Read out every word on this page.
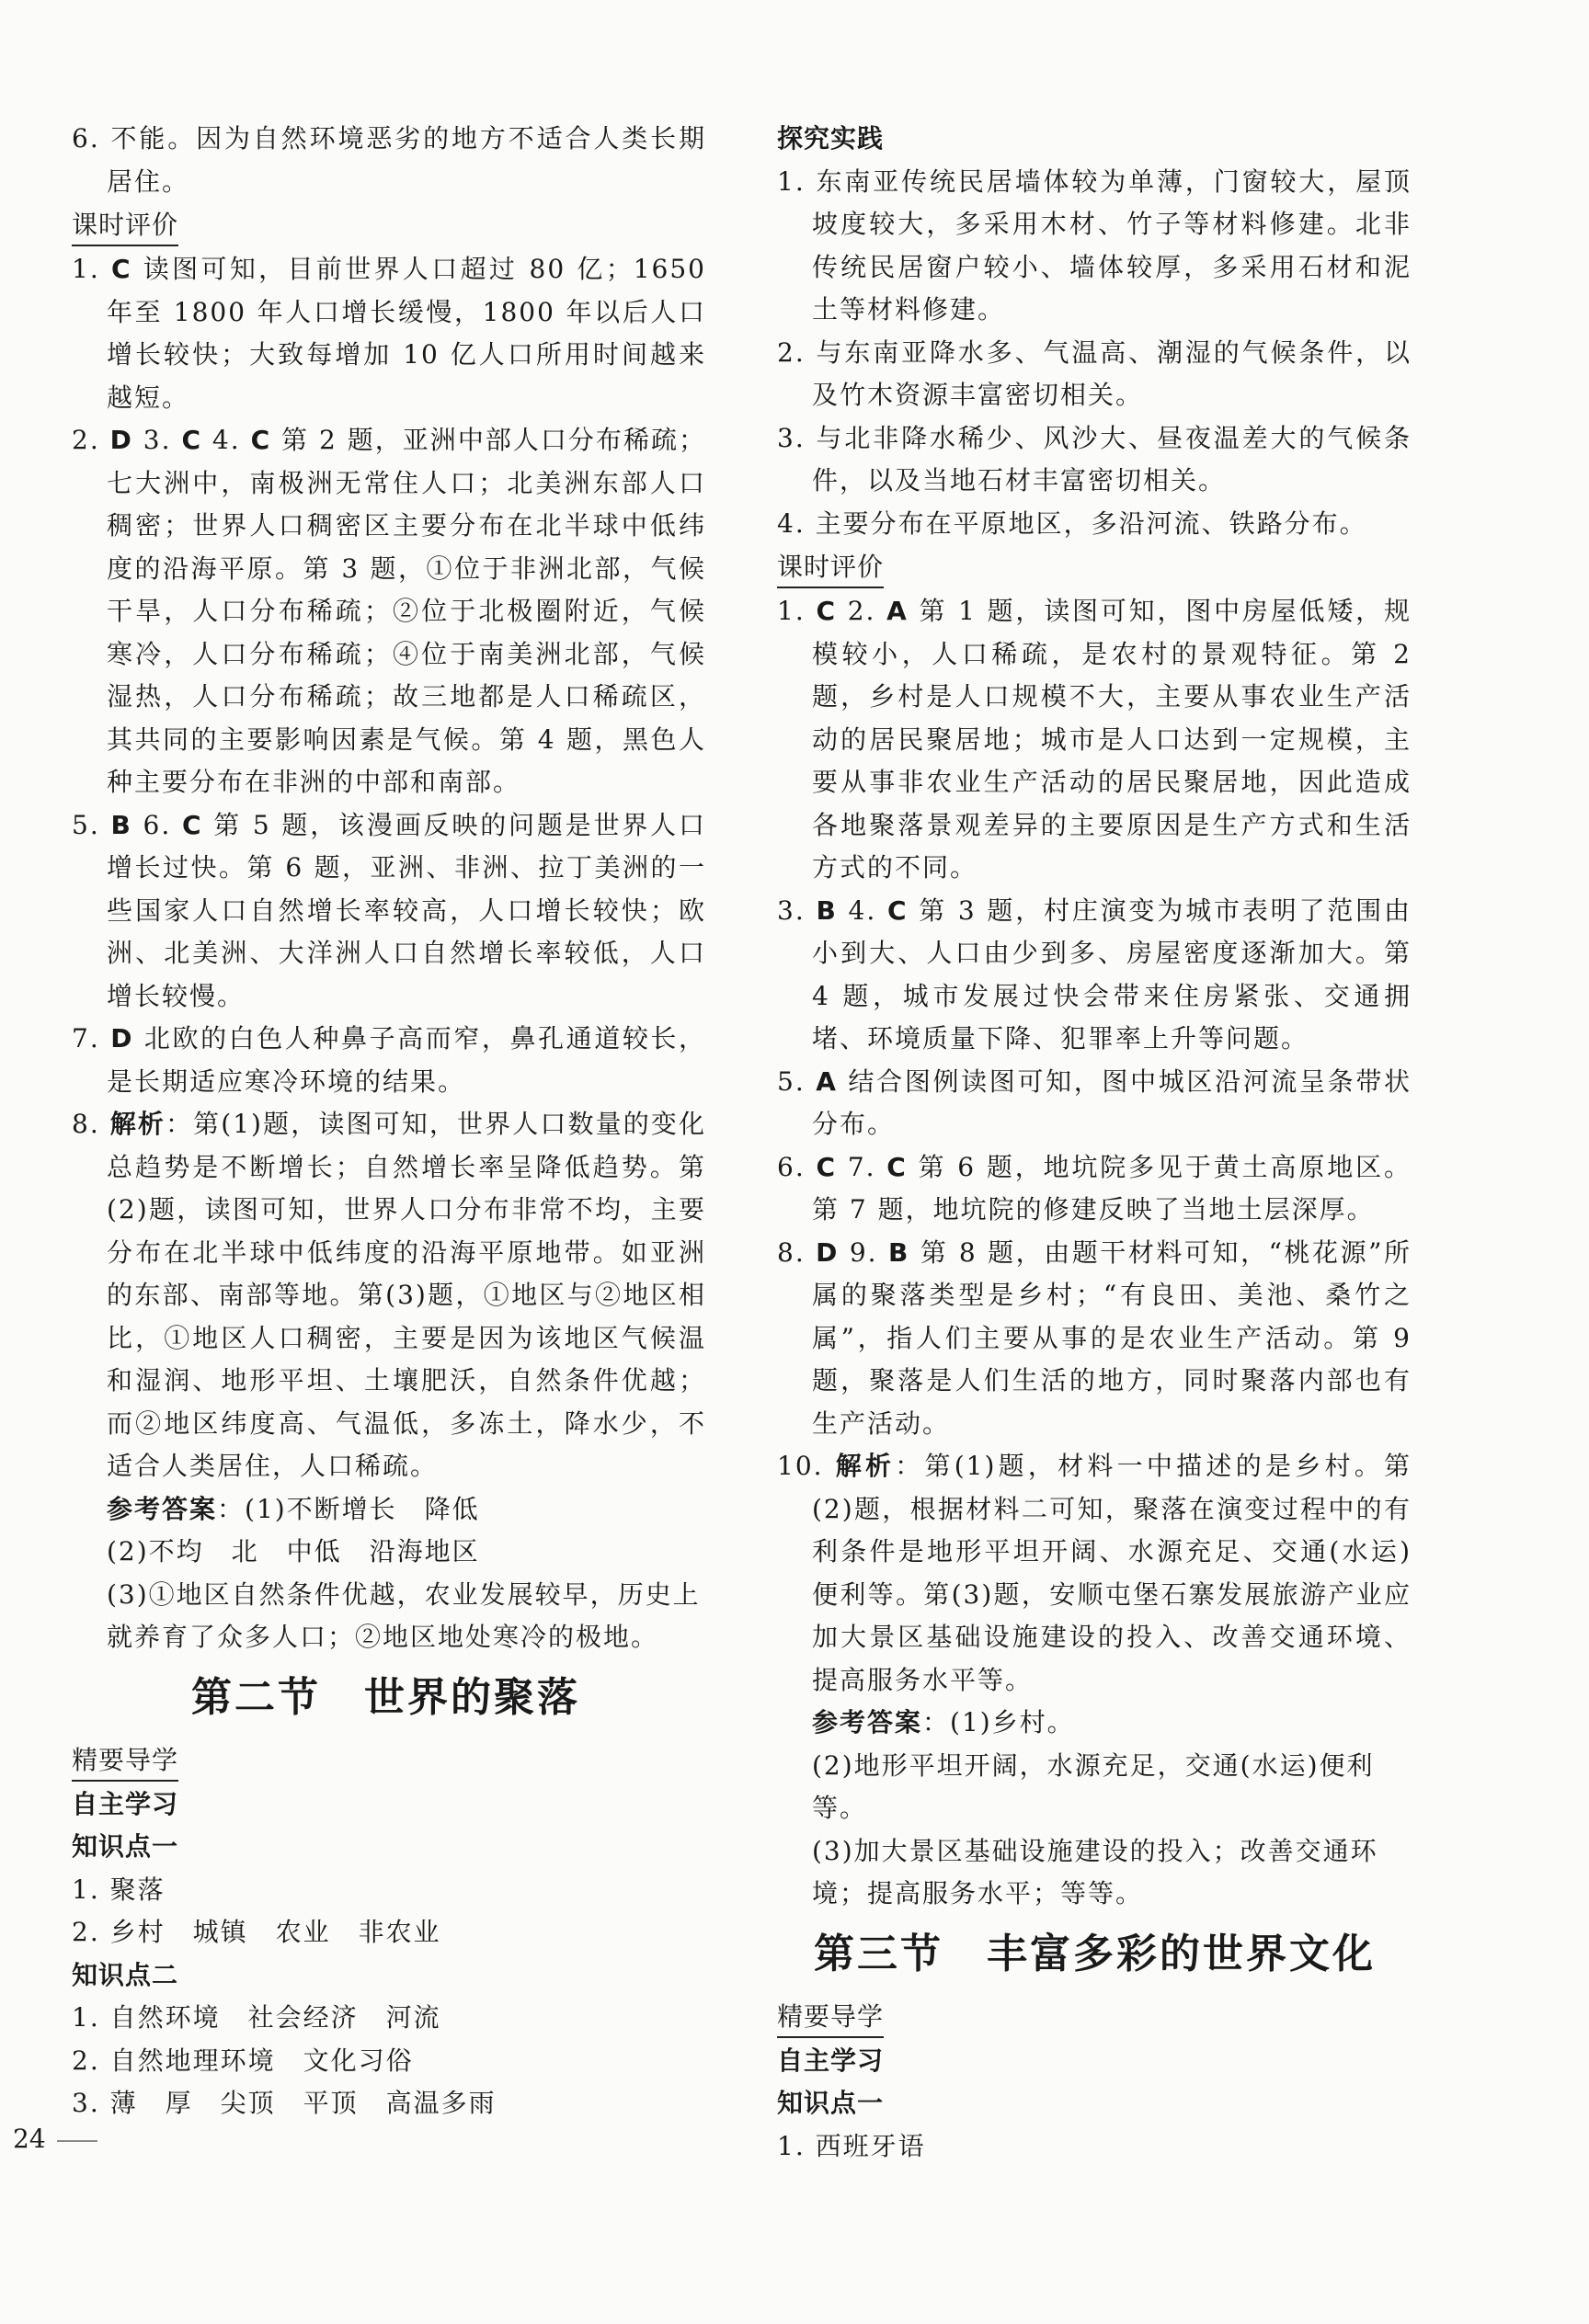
6. 不能。因为自然环境恶劣的地方不适合人类长期居住。

课时评价

1. C 读图可知，目前世界人口超过 80 亿；1650 年至 1800 年人口增长缓慢，1800 年以后人口增长较快；大致每增加 10 亿人口所用时间越来越短。

2. D 3. C 4. C 第 2 题，亚洲中部人口分布稀疏；七大洲中，南极洲无常住人口；北美洲东部人口稠密；世界人口稠密区主要分布在北半球中低纬度的沿海平原。第 3 题，①位于非洲北部，气候干旱，人口分布稀疏；②位于北极圈附近，气候寒冷，人口分布稀疏；④位于南美洲北部，气候湿热，人口分布稀疏；故三地都是人口稀疏区，其共同的主要影响因素是气候。第 4 题，黑色人种主要分布在非洲的中部和南部。

5. B 6. C 第 5 题，该漫画反映的问题是世界人口增长过快。第 6 题，亚洲、非洲、拉丁美洲的一些国家人口自然增长率较高，人口增长较快；欧洲、北美洲、大洋洲人口自然增长率较低，人口增长较慢。

7. D 北欧的白色人种鼻子高而窄，鼻孔通道较长，是长期适应寒冷环境的结果。

8. 解析：第(1)题，读图可知，世界人口数量的变化总趋势是不断增长；自然增长率呈降低趋势。第(2)题，读图可知，世界人口分布非常不均，主要分布在北半球中低纬度的沿海平原地带。如亚洲的东部、南部等地。第(3)题，①地区与②地区相比，①地区人口稠密，主要是因为该地区气候温和湿润、地形平坦、土壤肥沃，自然条件优越；而②地区纬度高、气温低，多冻土，降水少，不适合人类居住，人口稀疏。

参考答案：(1)不断增长　降低

(2)不均　北　中低　沿海地区

(3)①地区自然条件优越，农业发展较早，历史上就养育了众多人口；②地区地处寒冷的极地。

第二节　世界的聚落
精要导学

自主学习

知识点一

1. 聚落

2. 乡村　城镇　农业　非农业

知识点二

1. 自然环境　社会经济　河流

2. 自然地理环境　文化习俗

3. 薄　厚　尖顶　平顶　高温多雨

探究实践

1. 东南亚传统民居墙体较为单薄，门窗较大，屋顶坡度较大，多采用木材、竹子等材料修建。北非传统民居窗户较小、墙体较厚，多采用石材和泥土等材料修建。

2. 与东南亚降水多、气温高、潮湿的气候条件，以及竹木资源丰富密切相关。

3. 与北非降水稀少、风沙大、昼夜温差大的气候条件，以及当地石材丰富密切相关。

4. 主要分布在平原地区，多沿河流、铁路分布。

课时评价

1. C 2. A 第 1 题，读图可知，图中房屋低矮，规模较小，人口稀疏，是农村的景观特征。第 2 题，乡村是人口规模不大，主要从事农业生产活动的居民聚居地；城市是人口达到一定规模，主要从事非农业生产活动的居民聚居地，因此造成各地聚落景观差异的主要原因是生产方式和生活方式的不同。

3. B 4. C 第 3 题，村庄演变为城市表明了范围由小到大、人口由少到多、房屋密度逐渐加大。第 4 题，城市发展过快会带来住房紧张、交通拥堵、环境质量下降、犯罪率上升等问题。

5. A 结合图例读图可知，图中城区沿河流呈条带状分布。

6. C 7. C 第 6 题，地坑院多见于黄土高原地区。第 7 题，地坑院的修建反映了当地土层深厚。

8. D 9. B 第 8 题，由题干材料可知，“桃花源”所属的聚落类型是乡村；“有良田、美池、桑竹之属”，指人们主要从事的是农业生产活动。第 9 题，聚落是人们生活的地方，同时聚落内部也有生产活动。

10. 解析：第(1)题，材料一中描述的是乡村。第(2)题，根据材料二可知，聚落在演变过程中的有利条件是地形平坦开阔、水源充足、交通(水运)便利等。第(3)题，安顺屯堡石寨发展旅游产业应加大景区基础设施建设的投入、改善交通环境、提高服务水平等。

参考答案：(1)乡村。

(2)地形平坦开阔，水源充足，交通(水运)便利等。

(3)加大景区基础设施建设的投入；改善交通环境；提高服务水平；等等。

第三节　丰富多彩的世界文化
精要导学

自主学习

知识点一

1. 西班牙语

24
